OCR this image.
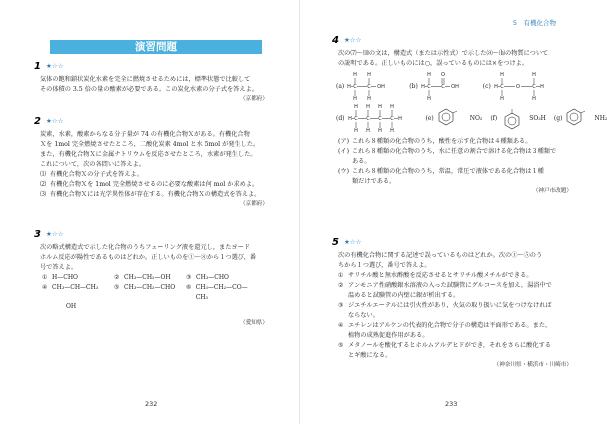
演習問題
1 ★☆☆

気体の飽和鎖状炭化水素を完全に燃焼させるためには，標準状態で比較して

その体積の 3.5 倍の量の酸素が必要である。この炭化水素の分子式を答えよ。

（京都府）

2 ★☆☆

炭素，水素，酸素からなる分子量が 74 の有機化合物Ｘがある。有機化合物

Ｘを 1mol 完全燃焼させたところ，二酸化炭素 4mol と水 5mol が発生した。

また，有機化合物Ｘに金属ナトリウムを反応させたところ，水素が発生した。

これについて，次の各問いに答えよ。

⑴ 有機化合物Ｘの分子式を答えよ。
⑵ 有機化合物Ｘを 1mol 完全燃焼させるのに必要な酸素は何 mol か求めよ。
⑶ 有機化合物Ｘには光学異性体が存在する。有機化合物Ｘの構造式を答えよ。

（京都府）

3 ★☆☆

次の略式構造式で示した化合物のうちフェーリング液を還元し，またヨード

ホルム反応が陽性であるものはどれか。正しいものを①～⑧から１つ選び，番

号で答えよ。

① H—CHO	② CH₃—CH₂—OH	③ CH₃—CHO
④ CH₃—CH—CH₃	⑤ CH₃—CH₂—CHO ⑥ CH₃—CH₂—CO—CH₃
OH

（愛知県）

232
5　有機化合物
4 ★☆☆

次の⑺〜⑽の文は，構造式（または示性式）で示した⒜〜⒣の物質について

の説明である。正しいものには○，誤っているものには×をつけよ。

(a)
H H
H C C OH
H H
(b)
H O
H C C OH
H
(c)
H	H
H C O C H
H	H
(d)
H H H H
H C C C C H
H H H H
(e)	NO₂ (f)	SO₃H (g)	NH₂
(ア) これら８種類の化合物のうち，酸性を示す化合物は４種類ある。
(イ) これら８種類の化合物のうち，水に任意の割合で溶ける化合物は３種類で
ある。
(ウ) これら８種類の化合物のうち，常温，常圧で液体である化合物は１種
類だけである。

（神戸市改題）

5 ★☆☆

次の有機化合物に関する記述で誤っているものはどれか。次の①〜⑤のう

ちから１つ選び，番号で答えよ。

① サリチル酸と無水酢酸を反応させるとサリチル酸メチルができる。
② アンモニア性硝酸銀水溶液の入った試験管にグルコースを加え，湯浴中で
温めると試験管の内壁に銀が析出する。
③ ジエチルエーテルには引火性があり，火気の取り扱いに気をつけなければ
ならない。
④ エチレンはアルケンの代表的化合物で分子の構造は平面形である。また，
植物の成熟促進作用がある。
⑤ メタノールを酸化するとホルムアルデヒドができ，それをさらに酸化する
とギ酸になる。

（神奈川県・横浜市・川崎市）

233
